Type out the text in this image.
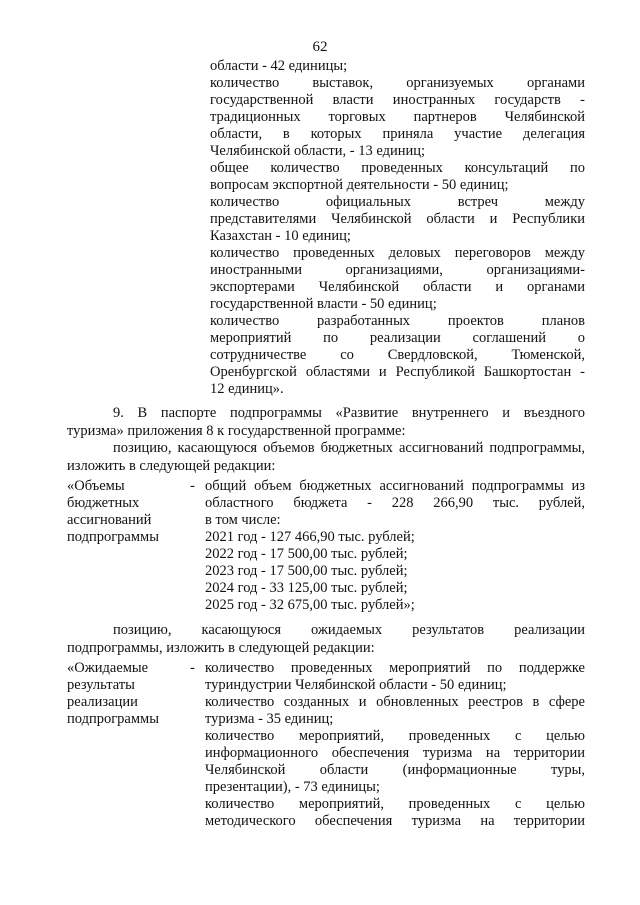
62

области - 42 единицы;

количество выставок, организуемых органами

государственной власти иностранных государств -

традиционных торговых партнеров Челябинской

области, в которых приняла участие делегация

Челябинской области, - 13 единиц;

общее количество проведенных консультаций по

вопросам экспортной деятельности - 50 единиц;

количество официальных встреч между

представителями Челябинской области и Республики

Казахстан - 10 единиц;

количество проведенных деловых переговоров между

иностранными организациями, организациями-

экспортерами Челябинской области и органами

государственной власти - 50 единиц;

количество разработанных проектов планов

мероприятий по реализации соглашений о

сотрудничестве со Свердловской, Тюменской,

Оренбургской областями и Республикой Башкортостан -

12 единиц».

9. В паспорте подпрограммы «Развитие внутреннего и въездного

туризма» приложения 8 к государственной программе:

позицию, касающуюся объемов бюджетных ассигнований подпрограммы,

изложить в следующей редакции:

«Объемы
бюджетных
ассигнований
подпрограммы
- общий объем бюджетных ассигнований подпрограммы из

областного бюджета - 228 266,90 тыс. рублей,

в том числе:

2021 год - 127 466,90 тыс. рублей;

2022 год - 17 500,00 тыс. рублей;

2023 год - 17 500,00 тыс. рублей;

2024 год - 33 125,00 тыс. рублей;

2025 год - 32 675,00 тыс. рублей»;

позицию, касающуюся ожидаемых результатов реализации

подпрограммы, изложить в следующей редакции:

«Ожидаемые
результаты
реализации
подпрограммы
- количество проведенных мероприятий по поддержке

туриндустрии Челябинской области - 50 единиц;

количество созданных и обновленных реестров в сфере

туризма - 35 единиц;

количество мероприятий, проведенных с целью

информационного обеспечения туризма на территории

Челябинской области (информационные туры,

презентации), - 73 единицы;

количество мероприятий, проведенных с целью

методического обеспечения туризма на территории
